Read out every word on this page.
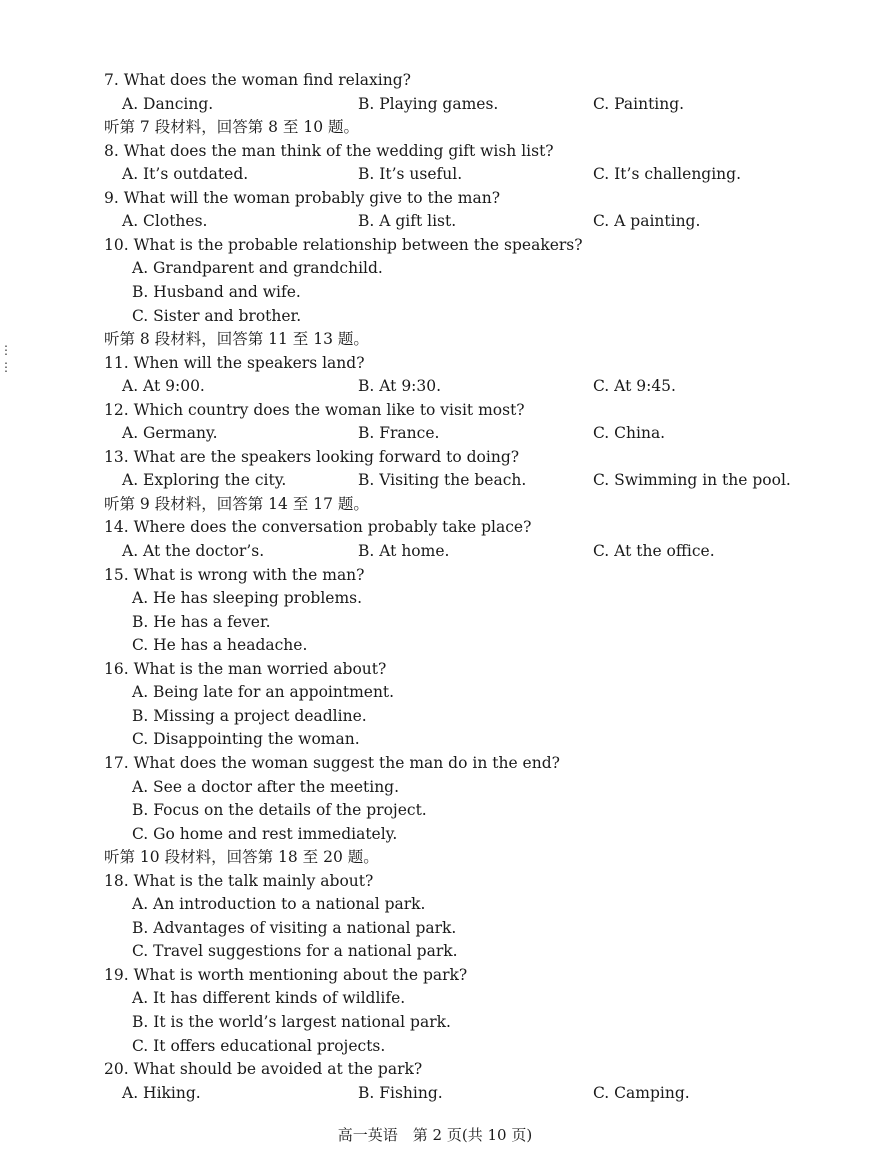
7. What does the woman find relaxing?
A. Dancing.	B. Playing games.	C. Painting.
听第 7 段材料，回答第 8 至 10 题。
8. What does the man think of the wedding gift wish list?
A. It’s outdated.	B. It’s useful.	C. It’s challenging.
9. What will the woman probably give to the man?
A. Clothes.	B. A gift list.	C. A painting.
10. What is the probable relationship between the speakers?
A. Grandparent and grandchild.
B. Husband and wife.
C. Sister and brother.
听第 8 段材料，回答第 11 至 13 题。
11. When will the speakers land?
A. At 9:00.	B. At 9:30.	C. At 9:45.
12. Which country does the woman like to visit most?
A. Germany.	B. France.	C. China.
13. What are the speakers looking forward to doing?
A. Exploring the city.	B. Visiting the beach.	C. Swimming in the pool.
听第 9 段材料，回答第 14 至 17 题。
14. Where does the conversation probably take place?
A. At the doctor’s.	B. At home.	C. At the office.
15. What is wrong with the man?
A. He has sleeping problems.
B. He has a fever.
C. He has a headache.
16. What is the man worried about?
A. Being late for an appointment.
B. Missing a project deadline.
C. Disappointing the woman.
17. What does the woman suggest the man do in the end?
A. See a doctor after the meeting.
B. Focus on the details of the project.
C. Go home and rest immediately.
听第 10 段材料，回答第 18 至 20 题。
18. What is the talk mainly about?
A. An introduction to a national park.
B. Advantages of visiting a national park.
C. Travel suggestions for a national park.
19. What is worth mentioning about the park?
A. It has different kinds of wildlife.
B. It is the world’s largest national park.
C. It offers educational projects.
20. What should be avoided at the park?
A. Hiking.	B. Fishing.	C. Camping.
⋮
⋮
高一英语　第 2 页(共 10 页)
